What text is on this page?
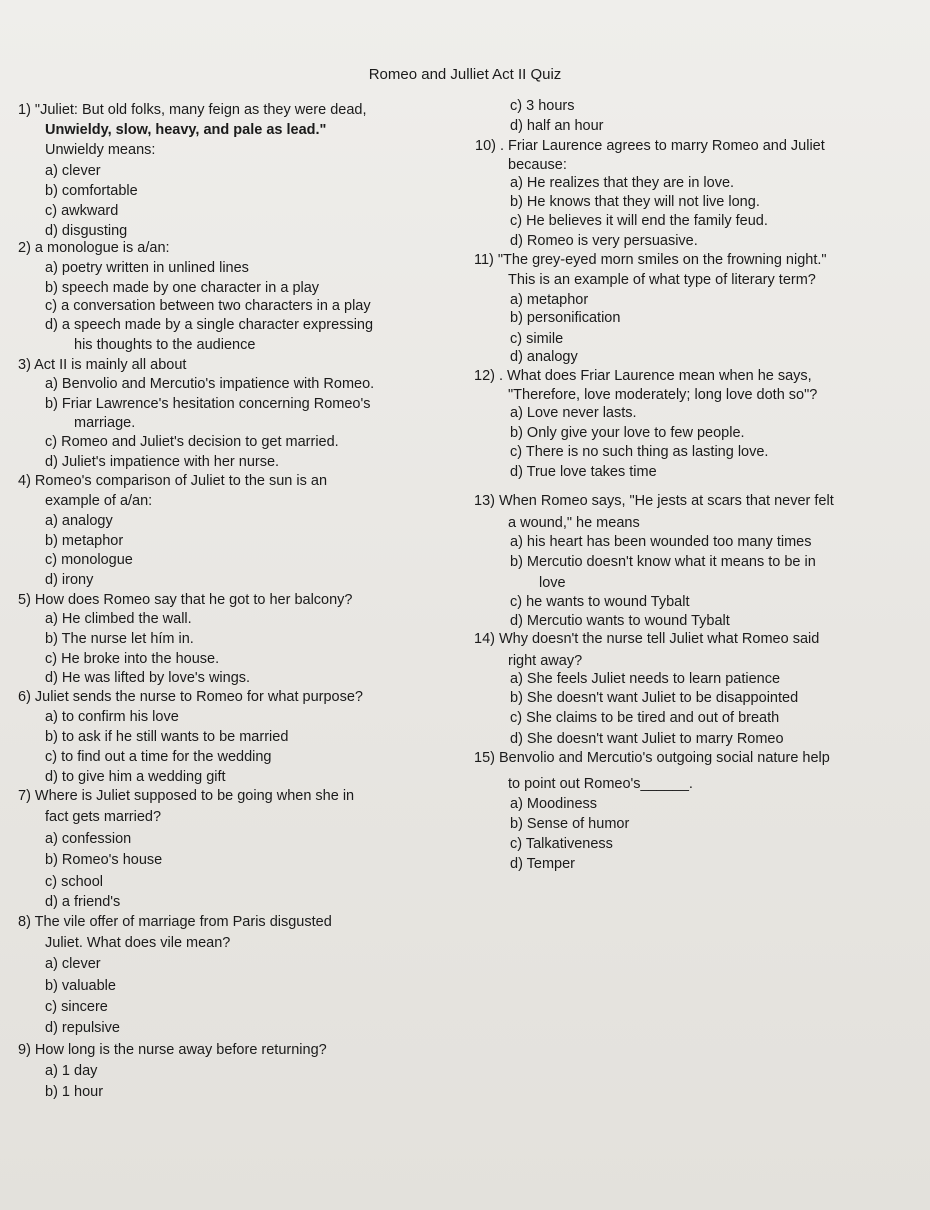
Romeo and Julliet Act II Quiz
1) "Juliet: But old folks, many feign as they were dead,
Unwieldy, slow, heavy, and pale as lead."
Unwieldy means:
a) clever
b) comfortable
c) awkward
d) disgusting
2) a monologue is a/an:
a) poetry written in unlined lines
b) speech made by one character in a play
c) a conversation between two characters in a play
d) a speech made by a single character expressing
his thoughts to the audience
3) Act II is mainly all about
a) Benvolio and Mercutio's impatience with Romeo.
b) Friar Lawrence's hesitation concerning Romeo's
marriage.
c) Romeo and Juliet's decision to get married.
d) Juliet's impatience with her nurse.
4) Romeo's comparison of Juliet to the sun is an
example of a/an:
a) analogy
b) metaphor
c) monologue
d) irony
5) How does Romeo say that he got to her balcony?
a) He climbed the wall.
b) The nurse let hím in.
c) He broke into the house.
d) He was lifted by love's wings.
6) Juliet sends the nurse to Romeo for what purpose?
a) to confirm his love
b) to ask if he still wants to be married
c) to find out a time for the wedding
d) to give him a wedding gift
7) Where is Juliet supposed to be going when she in
fact gets married?
a) confession
b) Romeo's house
c) school
d) a friend's
8) The vile offer of marriage from Paris disgusted
Juliet. What does vile mean?
a) clever
b) valuable
c) sincere
d) repulsive
9) How long is the nurse away before returning?
a) 1 day
b) 1 hour
c) 3 hours
d) half an hour
10) . Friar Laurence agrees to marry Romeo and Juliet
because:
a) He realizes that they are in love.
b) He knows that they will not live long.
c) He believes it will end the family feud.
d) Romeo is very persuasive.
11) "The grey-eyed morn smiles on the frowning night."
This is an example of what type of literary term?
a) metaphor
b) personification
c) simile
d) analogy
12) . What does Friar Laurence mean when he says,
"Therefore, love moderately; long love doth so"?
a) Love never lasts.
b) Only give your love to few people.
c) There is no such thing as lasting love.
d) True love takes time
13) When Romeo says, "He jests at scars that never felt
a wound," he means
a) his heart has been wounded too many times
b) Mercutio doesn't know what it means to be in
love
c) he wants to wound Tybalt
d) Mercutio wants to wound Tybalt
14) Why doesn't the nurse tell Juliet what Romeo said
right away?
a) She feels Juliet needs to learn patience
b) She doesn't want Juliet to be disappointed
c) She claims to be tired and out of breath
d) She doesn't want Juliet to marry Romeo
15) Benvolio and Mercutio's outgoing social nature help
to point out Romeo's______.
a) Moodiness
b) Sense of humor
c) Talkativeness
d) Temper
